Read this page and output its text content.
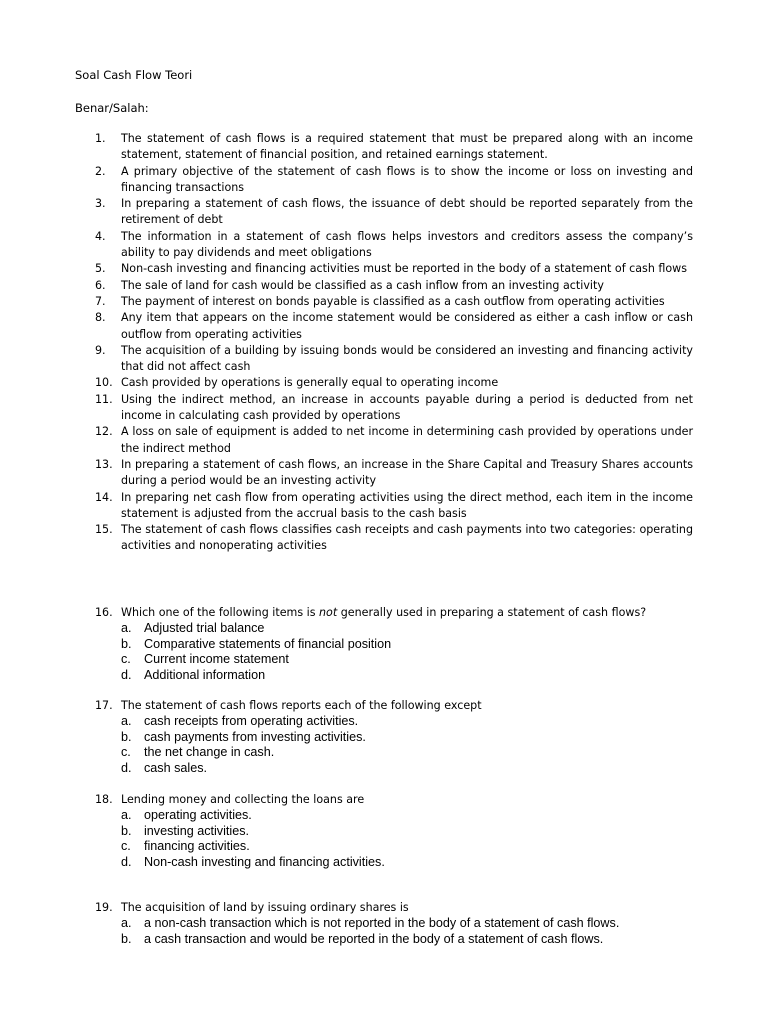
Soal Cash Flow Teori
Benar/Salah:
1. The statement of cash flows is a required statement that must be prepared along with an income statement, statement of financial position, and retained earnings statement.
2. A primary objective of the statement of cash flows is to show the income or loss on investing and financing transactions
3. In preparing a statement of cash flows, the issuance of debt should be reported separately from the retirement of debt
4. The information in a statement of cash flows helps investors and creditors assess the company’s ability to pay dividends and meet obligations
5. Non-cash investing and financing activities must be reported in the body of a statement of cash flows
6. The sale of land for cash would be classified as a cash inflow from an investing activity
7. The payment of interest on bonds payable is classified as a cash outflow from operating activities
8. Any item that appears on the income statement would be considered as either a cash inflow or cash outflow from operating activities
9. The acquisition of a building by issuing bonds would be considered an investing and financing activity that did not affect cash
10. Cash provided by operations is generally equal to operating income
11. Using the indirect method, an increase in accounts payable during a period is deducted from net income in calculating cash provided by operations
12. A loss on sale of equipment is added to net income in determining cash provided by operations under the indirect method
13. In preparing a statement of cash flows, an increase in the Share Capital and Treasury Shares accounts during a period would be an investing activity
14. In preparing net cash flow from operating activities using the direct method, each item in the income statement is adjusted from the accrual basis to the cash basis
15. The statement of cash flows classifies cash receipts and cash payments into two categories: operating activities and nonoperating activities
16. Which one of the following items is not generally used in preparing a statement of cash flows?
a. Adjusted trial balance
b. Comparative statements of financial position
c. Current income statement
d. Additional information
17. The statement of cash flows reports each of the following except
a. cash receipts from operating activities.
b. cash payments from investing activities.
c. the net change in cash.
d. cash sales.
18. Lending money and collecting the loans are
a. operating activities.
b. investing activities.
c. financing activities.
d. Non-cash investing and financing activities.
19. The acquisition of land by issuing ordinary shares is
a. a non-cash transaction which is not reported in the body of a statement of cash flows.
b. a cash transaction and would be reported in the body of a statement of cash flows.
